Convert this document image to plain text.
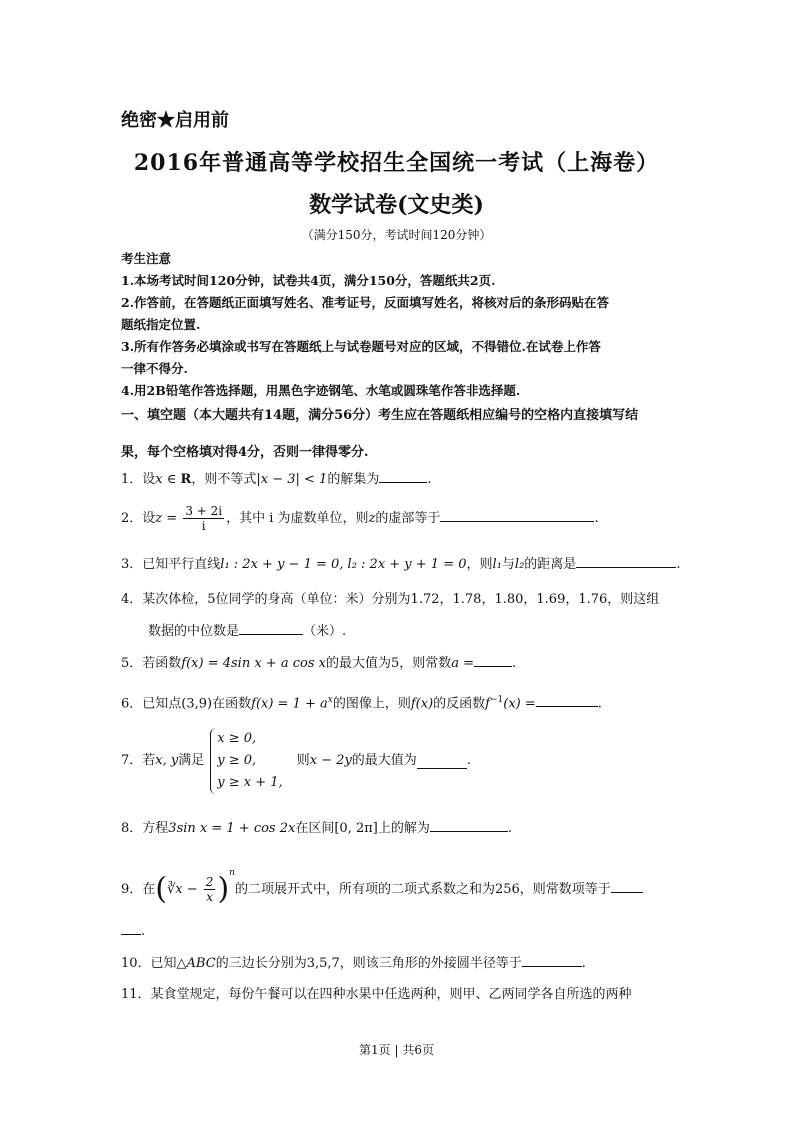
绝密★启用前
2016年普通高等学校招生全国统一考试（上海卷）
数学试卷(文史类)
（满分150分，考试时间120分钟）
考生注意
1.本场考试时间120分钟，试卷共4页，满分150分，答题纸共2页.
2.作答前，在答题纸正面填写姓名、准考证号，反面填写姓名，将核对后的条形码贴在答
题纸指定位置.
3.所有作答务必填涂或书写在答题纸上与试卷题号对应的区域，不得错位.在试卷上作答
一律不得分.
4.用2B铅笔作答选择题，用黑色字迹钢笔、水笔或圆珠笔作答非选择题.
一、填空题（本大题共有14题，满分56分）考生应在答题纸相应编号的空格内直接填写结
果，每个空格填对得4分，否则一律得零分.
1．设x ∈ R，则不等式|x − 3| < 1的解集为	.
2．设$z = \frac{3 + 2i}{i}$ ，其中 i 为虚数单位，则z的虚部等于	.
3．已知平行直线l₁ : 2x + y − 1 = 0, l₂ : 2x + y + 1 = 0，则l₁与l₂的距离是	.
4．某次体检，5位同学的身高（单位：米）分别为1.72，1.78，1.80，1.69，1.76，则这组
数据的中位数是	（米）.
5．若函数f(x) = 4sin x + a cos x的最大值为5，则常数a =	.
6．已知点(3,9)在函数$f(x) = 1 + a^x$的图像上，则f(x)的反函数$f^{-1}(x)$ =	.
7．若x, y满足
x ≥ 0,
y ≥ 0,
y ≥ x + 1,
则x − 2y的最大值为	.
8．方程3sin x = 1 + cos 2x在区间[0, 2π]上的解为	.
9．在(∛x − $\frac{2}{x} )^n$的二项展开式中，所有项的二项式系数之和为256，则常数项等于
.
10．已知△ABC的三边长分别为3,5,7，则该三角形的外接圆半径等于	.
11．某食堂规定，每份午餐可以在四种水果中任选两种，则甲、乙两同学各自所选的两种
第1页 | 共6页
